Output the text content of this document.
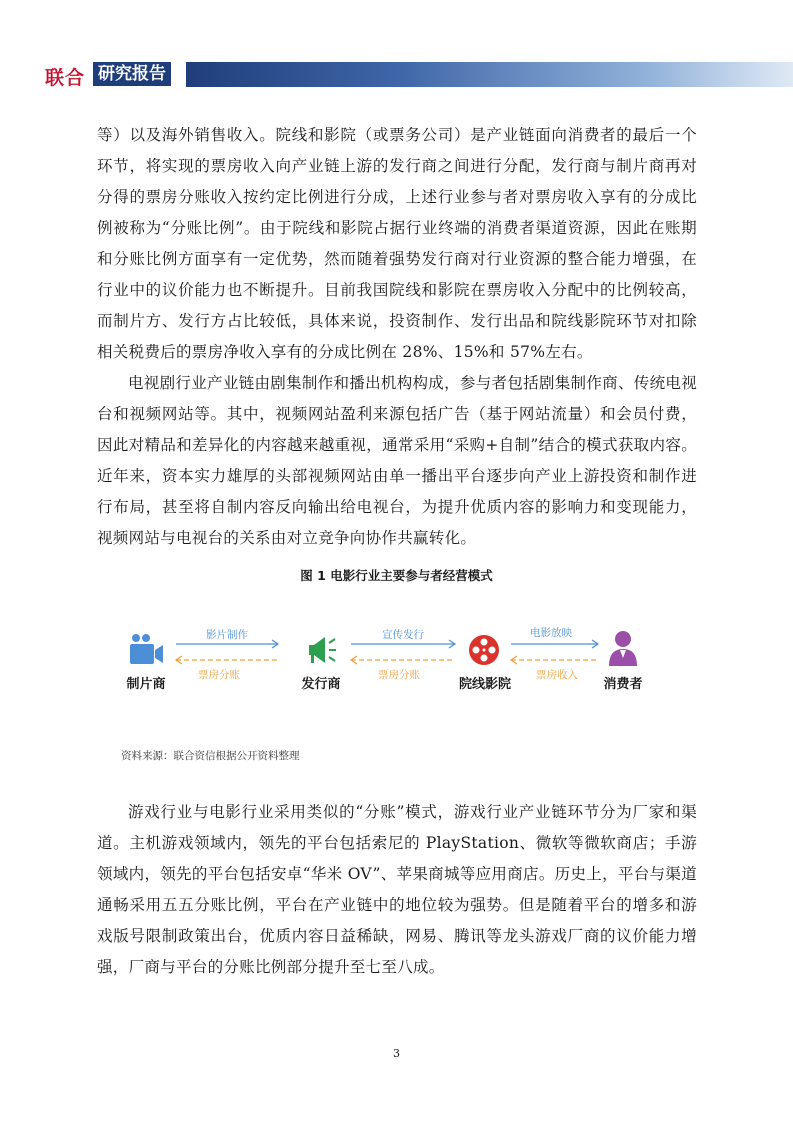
联合 研究报告

等）以及海外销售收入。院线和影院（或票务公司）是产业链面向消费者的最后一个环节，将实现的票房收入向产业链上游的发行商之间进行分配，发行商与制片商再对分得的票房分账收入按约定比例进行分成，上述行业参与者对票房收入享有的分成比例被称为“分账比例”。由于院线和影院占据行业终端的消费者渠道资源，因此在账期和分账比例方面享有一定优势，然而随着强势发行商对行业资源的整合能力增强，在行业中的议价能力也不断提升。目前我国院线和影院在票房收入分配中的比例较高，而制片方、发行方占比较低，具体来说，投资制作、发行出品和院线影院环节对扣除相关税费后的票房净收入享有的分成比例在 28%、15%和 57%左右。

电视剧行业产业链由剧集制作和播出机构构成，参与者包括剧集制作商、传统电视台和视频网站等。其中，视频网站盈利来源包括广告（基于网站流量）和会员付费，因此对精品和差异化的内容越来越重视，通常采用“采购+自制”结合的模式获取内容。近年来，资本实力雄厚的头部视频网站由单一播出平台逐步向产业上游投资和制作进行布局，甚至将自制内容反向输出给电视台，为提升优质内容的影响力和变现能力，视频网站与电视台的关系由对立竞争向协作共赢转化。

图 1 电影行业主要参与者经营模式
影片制作
票房分账
宣传发行
票房分账
电影放映
票房收入
制片商	发行商	院线影院	消费者
资料来源：联合资信根据公开资料整理

游戏行业与电影行业采用类似的“分账”模式，游戏行业产业链环节分为厂家和渠道。主机游戏领域内，领先的平台包括索尼的 PlayStation、微软等微软商店；手游领域内，领先的平台包括安卓“华米 OV”、苹果商城等应用商店。历史上，平台与渠道通畅采用五五分账比例，平台在产业链中的地位较为强势。但是随着平台的增多和游戏版号限制政策出台，优质内容日益稀缺，网易、腾讯等龙头游戏厂商的议价能力增强，厂商与平台的分账比例部分提升至七至八成。

3
